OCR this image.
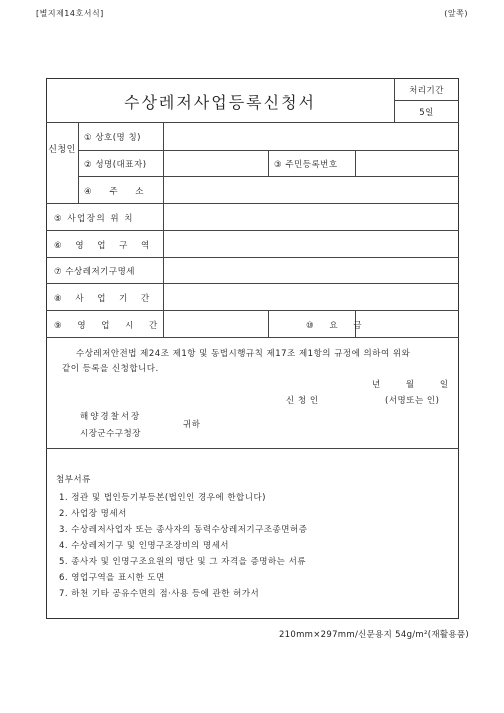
[별지제14호서식]	(앞쪽)
수상레저사업등록신청서
처리기간
5일
신청인
① 상호(명 칭)
② 성명(대표자)	③ 주민등록번호
④ 주 소
⑤ 사업장의 위 치
⑥ 영 업 구 역
⑦ 수상레저기구명세
⑧ 사 업 기 간
⑨ 영 업 시 간	⑩ 요 금
수상레저안전법 제24조 제1항 및 동법시행규칙 제17조 제1항의 규정에 의하여 위와
같이 등록을 신청합니다.
년 월 일
신 청 인	(서명또는 인)
해양경찰서장
귀하
시장군수구청장
첨부서류
1. 정관 및 법인등기부등본(법인인 경우에 한합니다)
2. 사업장 명세서
3. 수상레저사업자 또는 종사자의 동력수상레저기구조종면허증
4. 수상레저기구 및 인명구조장비의 명세서
5. 종사자 및 인명구조요원의 명단 및 그 자격을 증명하는 서류
6. 영업구역을 표시한 도면
7. 하천 기타 공유수면의 점·사용 등에 관한 허가서
210mm×297mm/신문용지 54g/m²(재활용품)
